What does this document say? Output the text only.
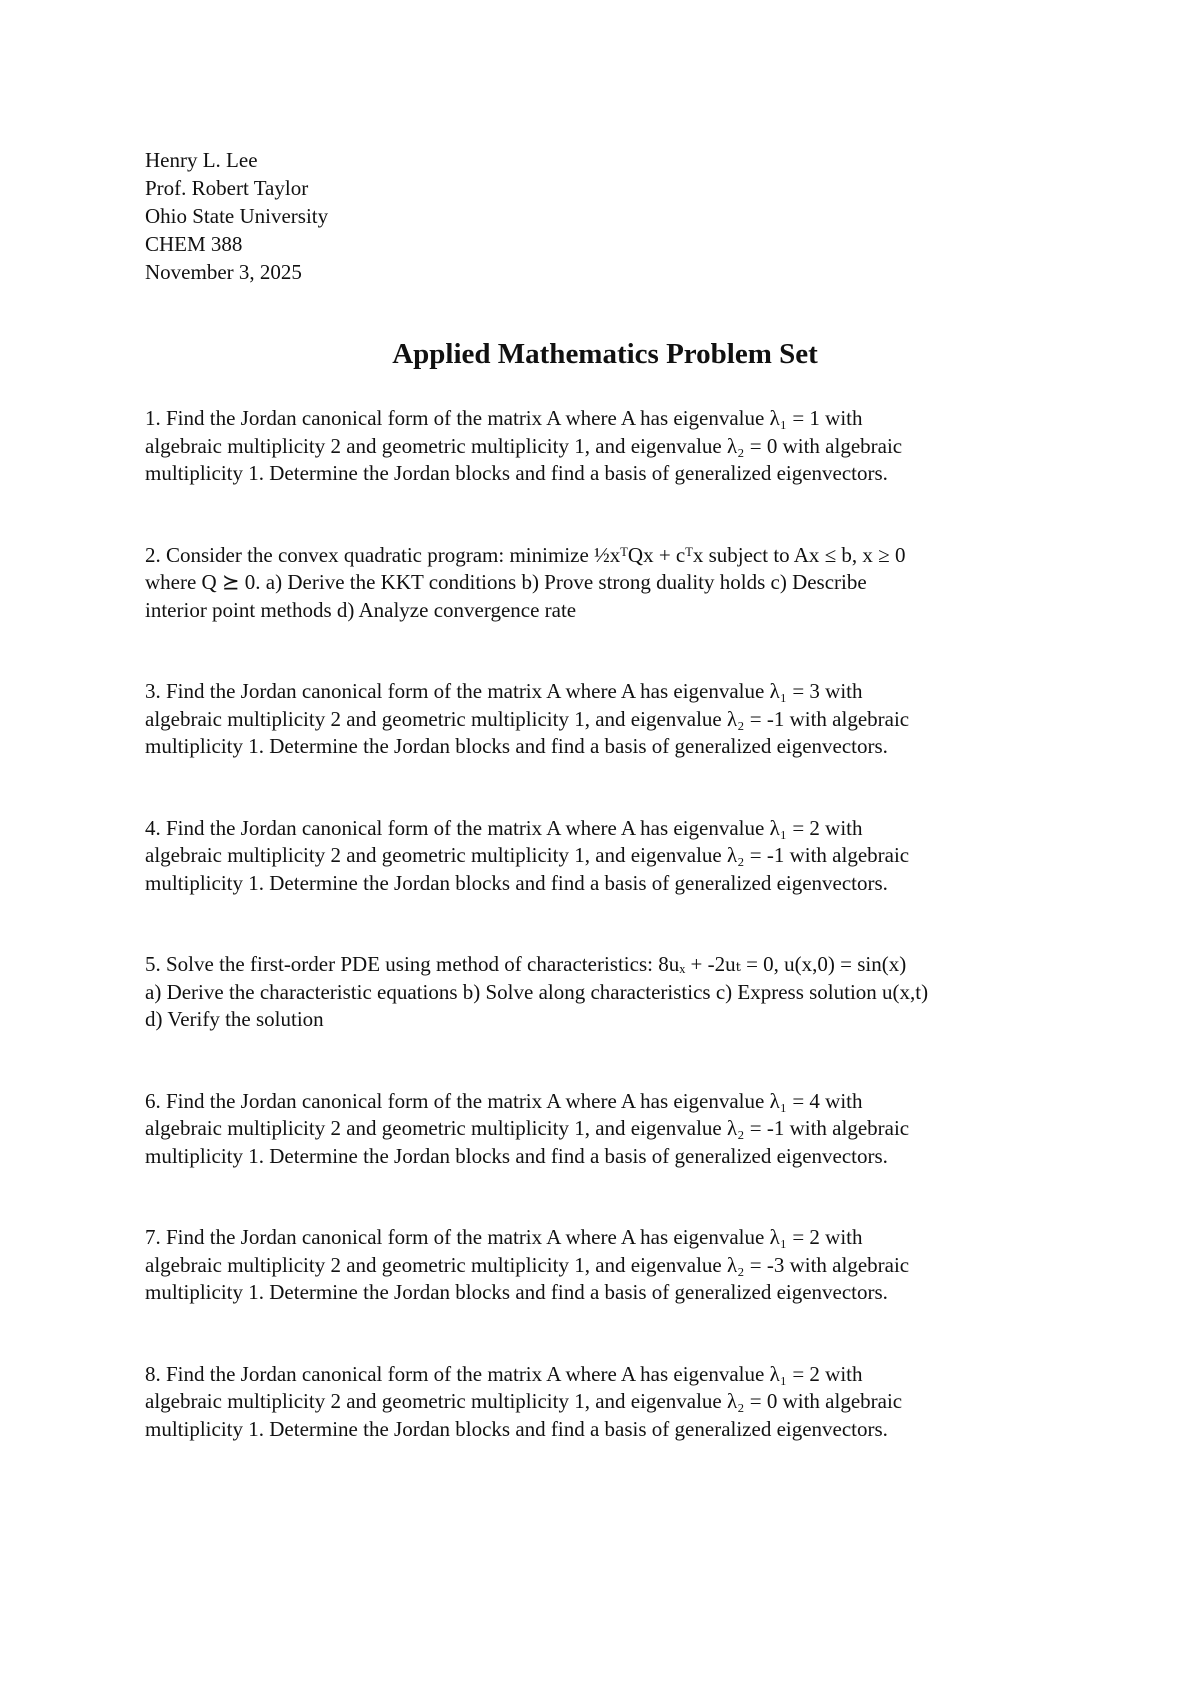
Henry L. Lee

Prof. Robert Taylor

Ohio State University

CHEM 388

November 3, 2025

Applied Mathematics Problem Set

1. Find the Jordan canonical form of the matrix A where A has eigenvalue λ₁ = 1 with
algebraic multiplicity 2 and geometric multiplicity 1, and eigenvalue λ₂ = 0 with algebraic
multiplicity 1. Determine the Jordan blocks and find a basis of generalized eigenvectors.

2. Consider the convex quadratic program: minimize ½xᵀQx + cᵀx subject to Ax ≤ b, x ≥ 0
where Q ⪰ 0. a) Derive the KKT conditions b) Prove strong duality holds c) Describe
interior point methods d) Analyze convergence rate

3. Find the Jordan canonical form of the matrix A where A has eigenvalue λ₁ = 3 with
algebraic multiplicity 2 and geometric multiplicity 1, and eigenvalue λ₂ = -1 with algebraic
multiplicity 1. Determine the Jordan blocks and find a basis of generalized eigenvectors.

4. Find the Jordan canonical form of the matrix A where A has eigenvalue λ₁ = 2 with
algebraic multiplicity 2 and geometric multiplicity 1, and eigenvalue λ₂ = -1 with algebraic
multiplicity 1. Determine the Jordan blocks and find a basis of generalized eigenvectors.

5. Solve the first-order PDE using method of characteristics: 8uₓ + -2uₜ = 0, u(x,0) = sin(x)
a) Derive the characteristic equations b) Solve along characteristics c) Express solution u(x,t)
d) Verify the solution

6. Find the Jordan canonical form of the matrix A where A has eigenvalue λ₁ = 4 with
algebraic multiplicity 2 and geometric multiplicity 1, and eigenvalue λ₂ = -1 with algebraic
multiplicity 1. Determine the Jordan blocks and find a basis of generalized eigenvectors.

7. Find the Jordan canonical form of the matrix A where A has eigenvalue λ₁ = 2 with
algebraic multiplicity 2 and geometric multiplicity 1, and eigenvalue λ₂ = -3 with algebraic
multiplicity 1. Determine the Jordan blocks and find a basis of generalized eigenvectors.

8. Find the Jordan canonical form of the matrix A where A has eigenvalue λ₁ = 2 with
algebraic multiplicity 2 and geometric multiplicity 1, and eigenvalue λ₂ = 0 with algebraic
multiplicity 1. Determine the Jordan blocks and find a basis of generalized eigenvectors.
